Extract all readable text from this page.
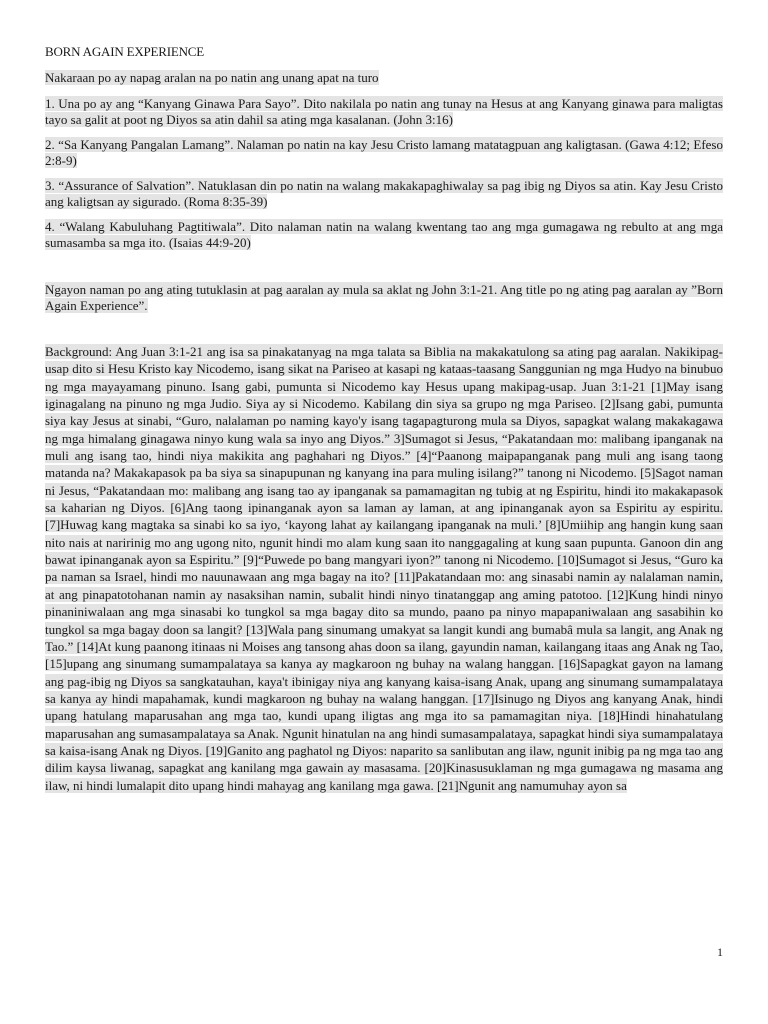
BORN AGAIN EXPERIENCE

Nakaraan po ay napag aralan na po natin ang unang apat na turo

1. Una po ay ang “Kanyang Ginawa Para Sayo”. Dito nakilala po natin ang tunay na Hesus at ang Kanyang ginawa para maligtas tayo sa galit at poot ng Diyos sa atin dahil sa ating mga kasalanan. (John 3:16)

2. “Sa Kanyang Pangalan Lamang”. Nalaman po natin na kay Jesu Cristo lamang matatagpuan ang kaligtasan. (Gawa 4:12; Efeso 2:8-9)

3. “Assurance of Salvation”. Natuklasan din po natin na walang makakapaghiwalay sa pag ibig ng Diyos sa atin. Kay Jesu Cristo ang kaligtsan ay sigurado. (Roma 8:35-39)

4. “Walang Kabuluhang Pagtitiwala”. Dito nalaman natin na walang kwentang tao ang mga gumagawa ng rebulto at ang mga sumasamba sa mga ito. (Isaias 44:9-20)

Ngayon naman po ang ating tutuklasin at pag aaralan ay mula sa aklat ng John 3:1-21. Ang title po ng ating pag aaralan ay ”Born Again Experience”.

Background: Ang Juan 3:1-21 ang isa sa pinakatanyag na mga talata sa Biblia na makakatulong sa ating pag aaralan. Nakikipag-usap dito si Hesu Kristo kay Nicodemo, isang sikat na Pariseo at kasapi ng kataas-taasang Sanggunian ng mga Hudyo na binubuo ng mga mayayamang pinuno. Isang gabi, pumunta si Nicodemo kay Hesus upang makipag-usap. Juan 3:1-21 [1]May isang iginagalang na pinuno ng mga Judio. Siya ay si Nicodemo. Kabilang din siya sa grupo ng mga Pariseo. [2]Isang gabi, pumunta siya kay Jesus at sinabi, “Guro, nalalaman po naming kayo'y isang tagapagturong mula sa Diyos, sapagkat walang makakagawa ng mga himalang ginagawa ninyo kung wala sa inyo ang Diyos.” 3]Sumagot si Jesus, “Pakatandaan mo: malibang ipanganak na muli ang isang tao, hindi niya makikita ang paghahari ng Diyos.” [4]“Paanong maipapanganak pang muli ang isang taong matanda na? Makakapasok pa ba siya sa sinapupunan ng kanyang ina para muling isilang?” tanong ni Nicodemo. [5]Sagot naman ni Jesus, “Pakatandaan mo: malibang ang isang tao ay ipanganak sa pamamagitan ng tubig at ng Espiritu, hindi ito makakapasok sa kaharian ng Diyos. [6]Ang taong ipinanganak ayon sa laman ay laman, at ang ipinanganak ayon sa Espiritu ay espiritu. [7]Huwag kang magtaka sa sinabi ko sa iyo, ‘kayong lahat ay kailangang ipanganak na muli.’ [8]Umiihip ang hangin kung saan nito nais at naririnig mo ang ugong nito, ngunit hindi mo alam kung saan ito nanggagaling at kung saan pupunta. Ganoon din ang bawat ipinanganak ayon sa Espiritu.” [9]“Puwede po bang mangyari iyon?” tanong ni Nicodemo. [10]Sumagot si Jesus, “Guro ka pa naman sa Israel, hindi mo nauunawaan ang mga bagay na ito? [11]Pakatandaan mo: ang sinasabi namin ay nalalaman namin, at ang pinapatotohanan namin ay nasaksihan namin, subalit hindi ninyo tinatanggap ang aming patotoo. [12]Kung hindi ninyo pinaniniwalaan ang mga sinasabi ko tungkol sa mga bagay dito sa mundo, paano pa ninyo mapapaniwalaan ang sasabihin ko tungkol sa mga bagay doon sa langit? [13]Wala pang sinumang umakyat sa langit kundi ang bumabâ mula sa langit, ang Anak ng Tao.” [14]At kung paanong itinaas ni Moises ang tansong ahas doon sa ilang, gayundin naman, kailangang itaas ang Anak ng Tao, [15]upang ang sinumang sumampalataya sa kanya ay magkaroon ng buhay na walang hanggan. [16]Sapagkat gayon na lamang ang pag-ibig ng Diyos sa sangkatauhan, kaya't ibinigay niya ang kanyang kaisa-isang Anak, upang ang sinumang sumampalataya sa kanya ay hindi mapahamak, kundi magkaroon ng buhay na walang hanggan. [17]Isinugo ng Diyos ang kanyang Anak, hindi upang hatulang maparusahan ang mga tao, kundi upang iligtas ang mga ito sa pamamagitan niya. [18]Hindi hinahatulang maparusahan ang sumasampalataya sa Anak. Ngunit hinatulan na ang hindi sumasampalataya, sapagkat hindi siya sumampalataya sa kaisa-isang Anak ng Diyos. [19]Ganito ang paghatol ng Diyos: naparito sa sanlibutan ang ilaw, ngunit inibig pa ng mga tao ang dilim kaysa liwanag, sapagkat ang kanilang mga gawain ay masasama. [20]Kinasusuklaman ng mga gumagawa ng masama ang ilaw, ni hindi lumalapit dito upang hindi mahayag ang kanilang mga gawa. [21]Ngunit ang namumuhay ayon sa

1
